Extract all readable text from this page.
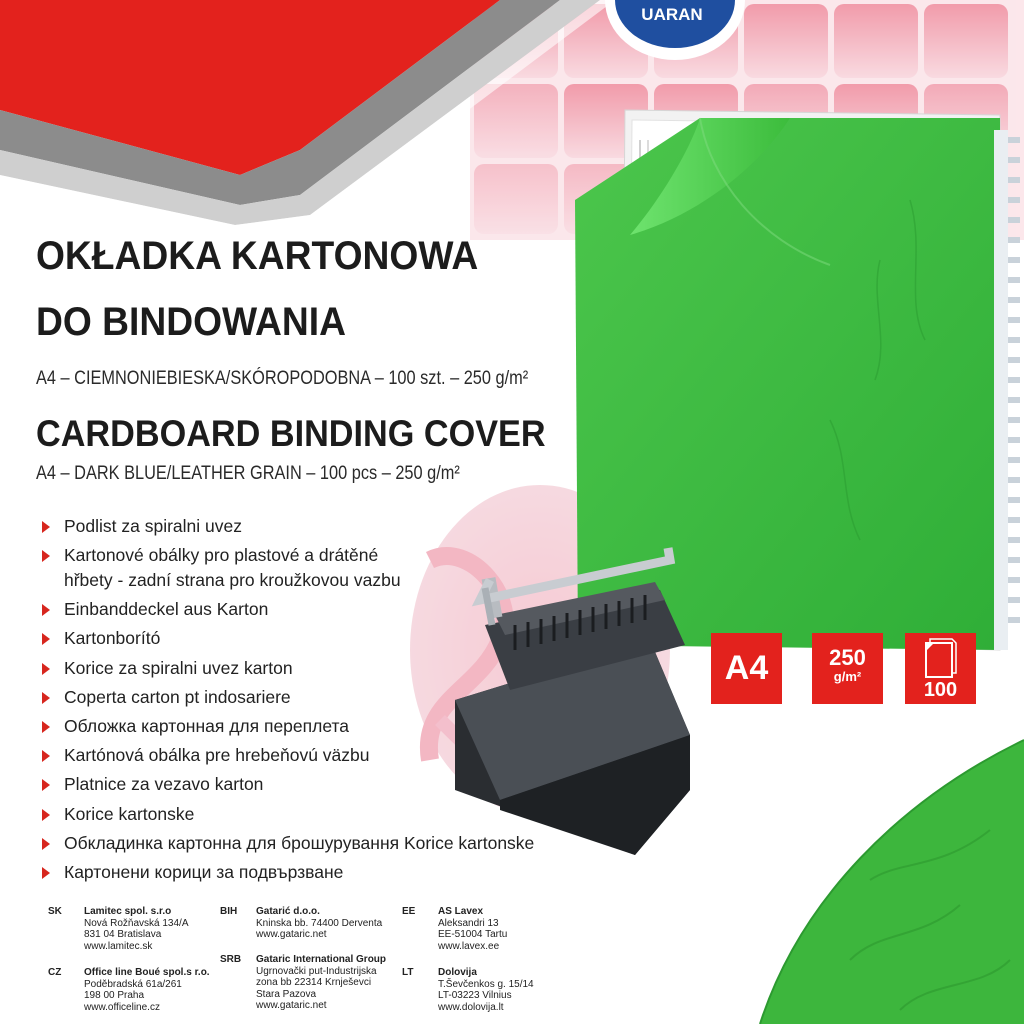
UARAN
OKŁADKA KARTONOWA
DO BINDOWANIA
A4 – CIEMNONIEBIESKA/SKÓROPODOBNA – 100 szt. – 250 g/m²
CARDBOARD BINDING COVER
A4 – DARK BLUE/LEATHER GRAIN – 100 pcs – 250 g/m²
Podlist za spiralni uvez
Kartonové obálky pro plastové a drátěné
hřbety - zadní strana pro kroužkovou vazbu
Einbanddeckel aus Karton
Kartonborító
Korice za spiralni uvez karton
Coperta carton pt indosariere
Обложка картонная для переплета
Kartónová obálka pre hrebeňovú väzbu
Platnice za vezavo karton
Korice kartonske
Обкладинка картонна для брошурування Korice kartonske
Картонени корици за подвързване
A4	250
g/m²
100
SK	Lamitec spol. s.r.o
Nová Rožňavská 134/A
831 04 Bratislava
www.lamitec.sk
CZ	Office line Boué spol.s r.o.
Poděbradská 61a/261
198 00 Praha
www.officeline.cz
BIH	Gatarić d.o.o.
Kninska bb. 74400 Derventa
www.gataric.net
SRB	Gataric International Group
Ugrnovački put-Industrijska
zona bb 22314 Krnješevci
Stara Pazova
www.gataric.net
EE	AS Lavex
Aleksandri 13
EE-51004 Tartu
www.lavex.ee
LT	Dolovija
T.Ševčenkos g. 15/14
LT-03223 Vilnius
www.dolovija.lt
